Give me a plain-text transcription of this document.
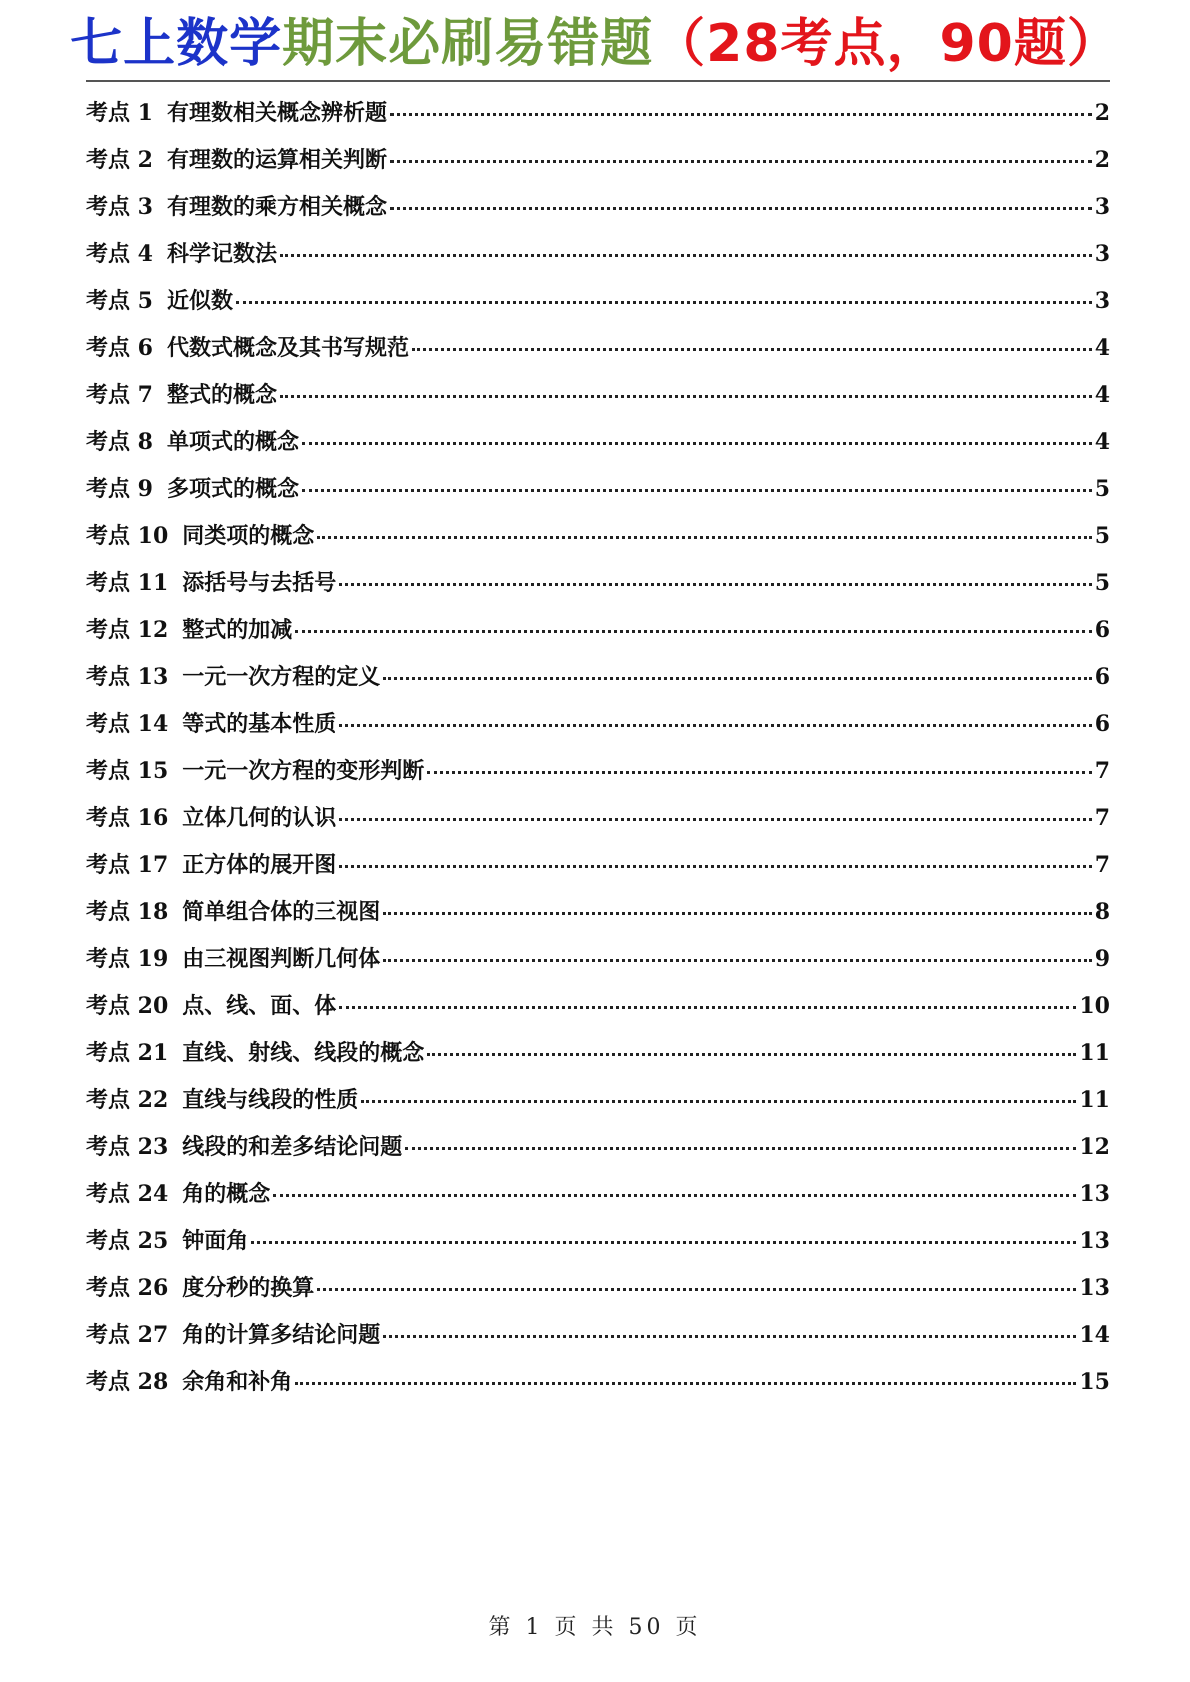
七上数学期末必刷易错题（28考点，90题）
考点 1 有理数相关概念辨析题	2
考点 2 有理数的运算相关判断	2
考点 3 有理数的乘方相关概念	3
考点 4 科学记数法	3
考点 5 近似数	3
考点 6 代数式概念及其书写规范	4
考点 7 整式的概念	4
考点 8 单项式的概念	4
考点 9 多项式的概念	5
考点 10 同类项的概念	5
考点 11 添括号与去括号	5
考点 12 整式的加减	6
考点 13 一元一次方程的定义	6
考点 14 等式的基本性质	6
考点 15 一元一次方程的变形判断	7
考点 16 立体几何的认识	7
考点 17 正方体的展开图	7
考点 18 简单组合体的三视图	8
考点 19 由三视图判断几何体	9
考点 20 点、线、面、体	10
考点 21 直线、射线、线段的概念	11
考点 22 直线与线段的性质	11
考点 23 线段的和差多结论问题	12
考点 24 角的概念	13
考点 25 钟面角	13
考点 26 度分秒的换算	13
考点 27 角的计算多结论问题	14
考点 28 余角和补角	15
第 1 页 共 50 页
